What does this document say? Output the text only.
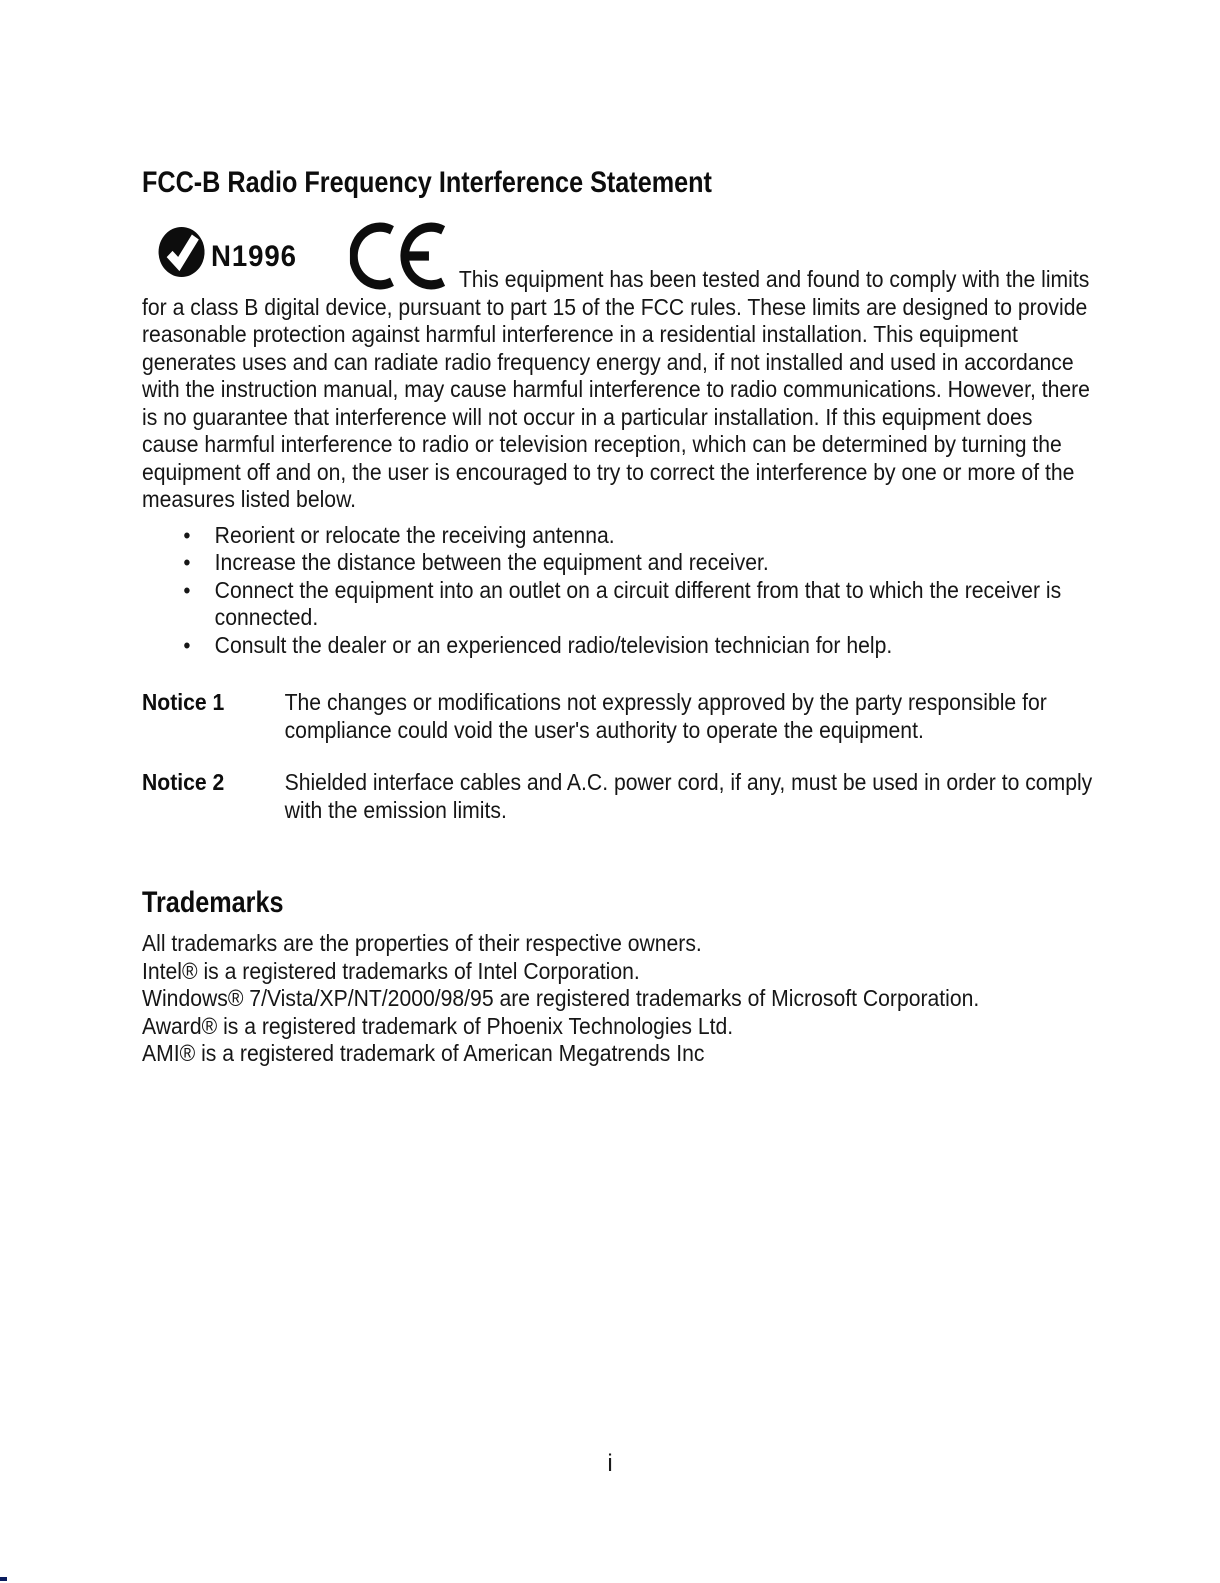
FCC-B Radio Frequency Interference Statement

N1996This equipment has been tested and found to comply with the limits for a class B digital device, pursuant to part 15 of the FCC rules. These limits are designed to provide reasonable protection against harmful interference in a residential installation. This equipment generates uses and can radiate radio frequency energy and, if not installed and used in accordance with the instruction manual, may cause harmful interference to radio communications. However, there is no guarantee that interference will not occur in a particular installation. If this equipment does cause harmful interference to radio or television reception, which can be determined by turning the equipment off and on, the user is encouraged to try to correct the interference by one or more of the measures listed below.

• Reorient or relocate the receiving antenna.
• Increase the distance between the equipment and receiver.
• Connect the equipment into an outlet on a circuit different from that to which the receiver is connected.
• Consult the dealer or an experienced radio/television technician for help.
Notice 1	The changes or modifications not expressly approved by the party responsible for compliance could void the user's authority to operate the equipment.
Notice 2	Shielded interface cables and A.C. power cord, if any, must be used in order to comply with the emission limits.
Trademarks

All trademarks are the properties of their respective owners.

Intel® is a registered trademarks of Intel Corporation.

Windows® 7/Vista/XP/NT/2000/98/95 are registered trademarks of Microsoft Corporation.

Award® is a registered trademark of Phoenix Technologies Ltd.

AMI® is a registered trademark of American Megatrends Inc

i
